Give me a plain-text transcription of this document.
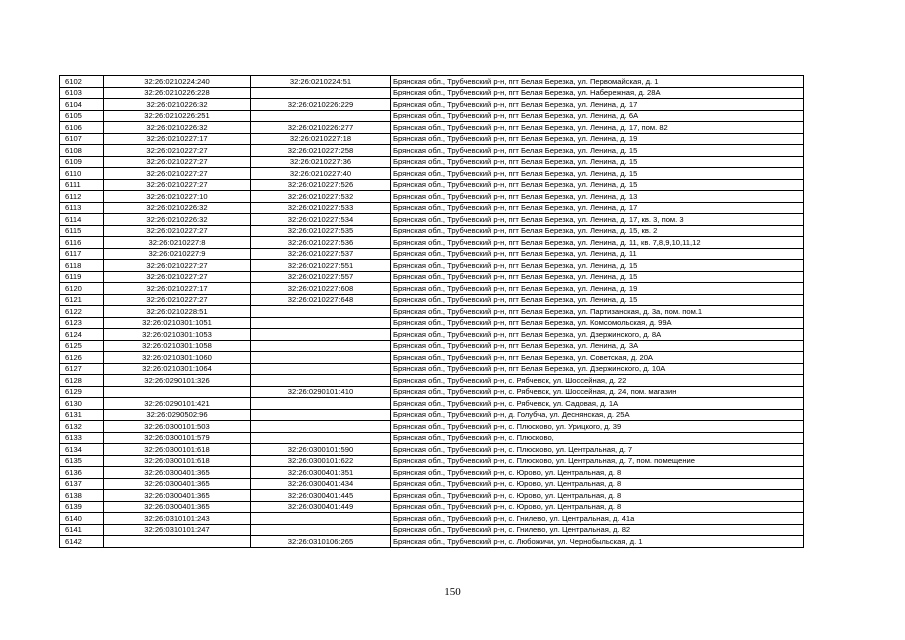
6102	32:26:0210224:240	32:26:0210224:51	Брянская обл., Трубчевский р-н, пгт Белая Березка, ул. Первомайская, д. 1
6103	32:26:0210226:228		Брянская обл., Трубчевский р-н, пгт Белая Березка, ул. Набережная, д. 28А
6104	32:26:0210226:32	32:26:0210226:229	Брянская обл., Трубчевский р-н, пгт Белая Березка, ул. Ленина, д. 17
6105	32:26:0210226:251		Брянская обл., Трубчевский р-н, пгт Белая Березка, ул. Ленина, д. 6А
6106	32:26:0210226:32	32:26:0210226:277	Брянская обл., Трубчевский р-н, пгт Белая Березка, ул. Ленина, д. 17, пом. 82
6107	32:26:0210227:17	32:26:0210227:18	Брянская обл., Трубчевский р-н, пгт Белая Березка, ул. Ленина, д. 19
6108	32:26:0210227:27	32:26:0210227:258	Брянская обл., Трубчевский р-н, пгт Белая Березка, ул. Ленина, д. 15
6109	32:26:0210227:27	32:26:0210227:36	Брянская обл., Трубчевский р-н, пгт Белая Березка, ул. Ленина, д. 15
6110	32:26:0210227:27	32:26:0210227:40	Брянская обл., Трубчевский р-н, пгт Белая Березка, ул. Ленина, д. 15
6111	32:26:0210227:27	32:26:0210227:526	Брянская обл., Трубчевский р-н, пгт Белая Березка, ул. Ленина, д. 15
6112	32:26:0210227:10	32:26:0210227:532	Брянская обл., Трубчевский р-н, пгт Белая Березка, ул. Ленина, д. 13
6113	32:26:0210226:32	32:26:0210227:533	Брянская обл., Трубчевский р-н, пгт Белая Березка, ул. Ленина, д. 17
6114	32:26:0210226:32	32:26:0210227:534	Брянская обл., Трубчевский р-н, пгт Белая Березка, ул. Ленина, д. 17, кв. 3, пом. 3
6115	32:26:0210227:27	32:26:0210227:535	Брянская обл., Трубчевский р-н, пгт Белая Березка, ул. Ленина, д. 15, кв. 2
6116	32:26:0210227:8	32:26:0210227:536	Брянская обл., Трубчевский р-н, пгт Белая Березка, ул. Ленина, д. 11, кв. 7,8,9,10,11,12
6117	32:26:0210227:9	32:26:0210227:537	Брянская обл., Трубчевский р-н, пгт Белая Березка, ул. Ленина, д. 11
6118	32:26:0210227:27	32:26:0210227:551	Брянская обл., Трубчевский р-н, пгт Белая Березка, ул. Ленина, д. 15
6119	32:26:0210227:27	32:26:0210227:557	Брянская обл., Трубчевский р-н, пгт Белая Березка, ул. Ленина, д. 15
6120	32:26:0210227:17	32:26:0210227:608	Брянская обл., Трубчевский р-н, пгт Белая Березка, ул. Ленина, д. 19
6121	32:26:0210227:27	32:26:0210227:648	Брянская обл., Трубчевский р-н, пгт Белая Березка, ул. Ленина, д. 15
6122	32:26:0210228:51		Брянская обл., Трубчевский р-н, пгт Белая Березка, ул. Партизанская, д. 3а, пом. пом.1
6123	32:26:0210301:1051		Брянская обл., Трубчевский р-н, пгт Белая Березка, ул. Комсомольская, д. 99А
6124	32:26:0210301:1053		Брянская обл., Трубчевский р-н, пгт Белая Березка, ул. Дзержинского, д. 8А
6125	32:26:0210301:1058		Брянская обл., Трубчевский р-н, пгт Белая Березка, ул. Ленина, д. 3А
6126	32:26:0210301:1060		Брянская обл., Трубчевский р-н, пгт Белая Березка, ул. Советская, д. 20А
6127	32:26:0210301:1064		Брянская обл., Трубчевский р-н, пгт Белая Березка, ул. Дзержинского, д. 10А
6128	32:26:0290101:326		Брянская обл., Трубчевский р-н, с. Рябчевск, ул. Шоссейная, д. 22
6129		32:26:0290101:410	Брянская обл., Трубчевский р-н, с. Рябчевск, ул. Шоссейная, д. 24, пом. магазин
6130	32:26:0290101:421		Брянская обл., Трубчевский р-н, с. Рябчевск, ул. Садовая, д. 1А
6131	32:26:0290502:96		Брянская обл., Трубчевский р-н, д. Голубча, ул. Деснянская, д. 25А
6132	32:26:0300101:503		Брянская обл., Трубчевский р-н, с. Плюсково, ул. Урицкого, д. 39
6133	32:26:0300101:579		Брянская обл., Трубчевский р-н, с. Плюсково,
6134	32:26:0300101:618	32:26:0300101:590	Брянская обл., Трубчевский р-н, с. Плюсково, ул. Центральная, д. 7
6135	32:26:0300101:618	32:26:0300101:622	Брянская обл., Трубчевский р-н, с. Плюсково, ул. Центральная, д. 7, пом. помещение
6136	32:26:0300401:365	32:26:0300401:351	Брянская обл., Трубчевский р-н, с. Юрово, ул. Центральная, д. 8
6137	32:26:0300401:365	32:26:0300401:434	Брянская обл., Трубчевский р-н, с. Юрово, ул. Центральная, д. 8
6138	32:26:0300401:365	32:26:0300401:445	Брянская обл., Трубчевский р-н, с. Юрово, ул. Центральная, д. 8
6139	32:26:0300401:365	32:26:0300401:449	Брянская обл., Трубчевский р-н, с. Юрово, ул. Центральная, д. 8
6140	32:26:0310101:243		Брянская обл., Трубчевский р-н, с. Гнилево, ул. Центральная, д. 41а
6141	32:26:0310101:247		Брянская обл., Трубчевский р-н, с. Гнилево, ул. Центральная, д. 82
6142		32:26:0310106:265	Брянская обл., Трубчевский р-н, с. Любожичи, ул. Чернобыльская, д. 1
150
